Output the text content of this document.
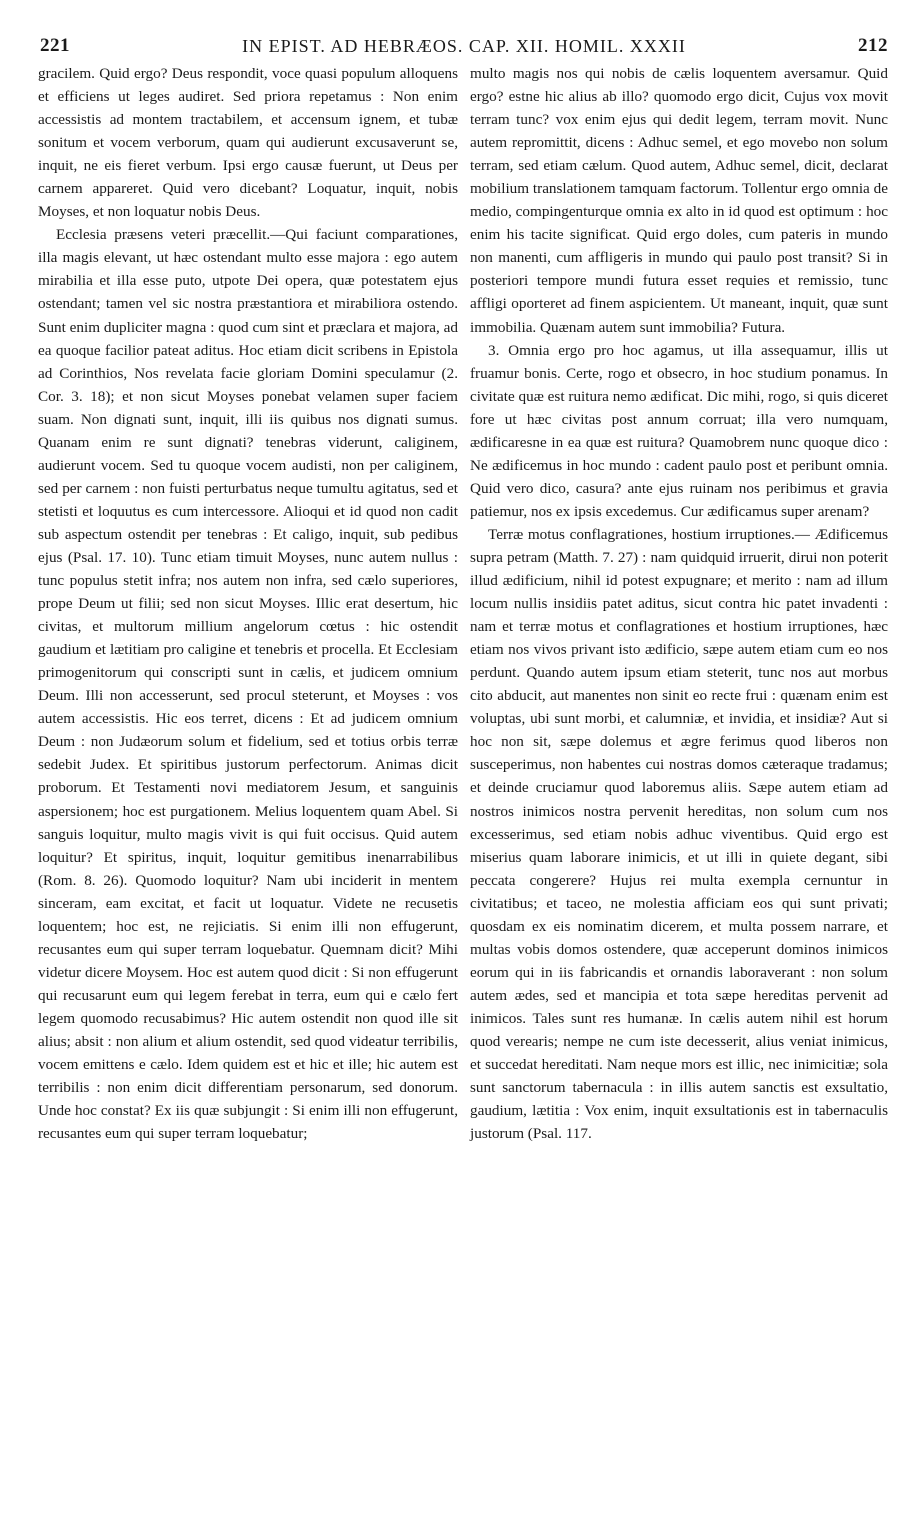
221	IN EPIST. AD HEBRÆOS. CAP. XII. HOMIL. XXXII	212

gracilem. Quid ergo? Deus respondit, voce quasi populum alloquens et efficiens ut leges audiret. Sed priora repetamus : Non enim accessistis ad montem tractabilem, et accensum ignem, et tubæ sonitum et vocem verborum, quam qui audierunt excusaverunt se, inquit, ne eis fieret verbum. Ipsi ergo causæ fuerunt, ut Deus per carnem appareret. Quid vero dicebant? Loquatur, inquit, nobis Moyses, et non loquatur nobis Deus.

Ecclesia præsens veteri præcellit.—Qui faciunt comparationes, illa magis elevant, ut hæc ostendant multo esse majora : ego autem mirabilia et illa esse puto, utpote Dei opera, quæ potestatem ejus ostendant; tamen vel sic nostra præstantiora et mirabiliora ostendo. Sunt enim dupliciter magna : quod cum sint et præclara et majora, ad ea quoque facilior pateat aditus. Hoc etiam dicit scribens in Epistola ad Corinthios, Nos revelata facie gloriam Domini speculamur (2. Cor. 3. 18); et non sicut Moyses ponebat velamen super faciem suam. Non dignati sunt, inquit, illi iis quibus nos dignati sumus. Quanam enim re sunt dignati? tenebras viderunt, caliginem, audierunt vocem. Sed tu quoque vocem audisti, non per caliginem, sed per carnem : non fuisti perturbatus neque tumultu agitatus, sed et stetisti et loquutus es cum intercessore. Alioqui et id quod non cadit sub aspectum ostendit per tenebras : Et caligo, inquit, sub pedibus ejus (Psal. 17. 10). Tunc etiam timuit Moyses, nunc autem nullus : tunc populus stetit infra; nos autem non infra, sed cælo superiores, prope Deum ut filii; sed non sicut Moyses. Illic erat desertum, hic civitas, et multorum millium angelorum cœtus : hic ostendit gaudium et lætitiam pro caligine et tenebris et procella. Et Ecclesiam primogenitorum qui conscripti sunt in cælis, et judicem omnium Deum. Illi non accesserunt, sed procul steterunt, et Moyses : vos autem accessistis. Hic eos terret, dicens : Et ad judicem omnium Deum : non Judæorum solum et fidelium, sed et totius orbis terræ sedebit Judex. Et spiritibus justorum perfectorum. Animas dicit proborum. Et Testamenti novi mediatorem Jesum, et sanguinis aspersionem; hoc est purgationem. Melius loquentem quam Abel. Si sanguis loquitur, multo magis vivit is qui fuit occisus. Quid autem loquitur? Et spiritus, inquit, loquitur gemitibus inenarrabilibus (Rom. 8. 26). Quomodo loquitur? Nam ubi inciderit in mentem sinceram, eam excitat, et facit ut loquatur. Videte ne recusetis loquentem; hoc est, ne rejiciatis. Si enim illi non effugerunt, recusantes eum qui super terram loquebatur. Quemnam dicit? Mihi videtur dicere Moysem. Hoc est autem quod dicit : Si non effugerunt qui recusarunt eum qui legem ferebat in terra, eum qui e cælo fert legem quomodo recusabimus? Hic autem ostendit non quod ille sit alius; absit : non alium et alium ostendit, sed quod videatur terribilis, vocem emittens e cælo. Idem quidem est et hic et ille; hic autem est terribilis : non enim dicit differentiam personarum, sed donorum. Unde hoc constat? Ex iis quæ subjungit : Si enim illi non effugerunt, recusantes eum qui super terram loquebatur;

multo magis nos qui nobis de cælis loquentem aversamur. Quid ergo? estne hic alius ab illo? quomodo ergo dicit, Cujus vox movit terram tunc? vox enim ejus qui dedit legem, terram movit. Nunc autem repromittit, dicens : Adhuc semel, et ego movebo non solum terram, sed etiam cælum. Quod autem, Adhuc semel, dicit, declarat mobilium translationem tamquam factorum. Tollentur ergo omnia de medio, compingenturque omnia ex alto in id quod est optimum : hoc enim his tacite significat. Quid ergo doles, cum pateris in mundo non manenti, cum affligeris in mundo qui paulo post transit? Si in posteriori tempore mundi futura esset requies et remissio, tunc affligi oporteret ad finem aspicientem. Ut maneant, inquit, quæ sunt immobilia. Quænam autem sunt immobilia? Futura.

3. Omnia ergo pro hoc agamus, ut illa assequamur, illis ut fruamur bonis. Certe, rogo et obsecro, in hoc studium ponamus. In civitate quæ est ruitura nemo ædificat. Dic mihi, rogo, si quis diceret fore ut hæc civitas post annum corruat; illa vero numquam, ædificaresne in ea quæ est ruitura? Quamobrem nunc quoque dico : Ne ædificemus in hoc mundo : cadent paulo post et peribunt omnia. Quid vero dico, casura? ante ejus ruinam nos peribimus et gravia patiemur, nos ex ipsis excedemus. Cur ædificamus super arenam?

Terræ motus conflagrationes, hostium irruptiones.— Ædificemus supra petram (Matth. 7. 27) : nam quidquid irruerit, dirui non poterit illud ædificium, nihil id potest expugnare; et merito : nam ad illum locum nullis insidiis patet aditus, sicut contra hic patet invadenti : nam et terræ motus et conflagrationes et hostium irruptiones, hæc etiam nos vivos privant isto ædificio, sæpe autem etiam cum eo nos perdunt. Quando autem ipsum etiam steterit, tunc nos aut morbus cito abducit, aut manentes non sinit eo recte frui : quænam enim est voluptas, ubi sunt morbi, et calumniæ, et invidia, et insidiæ? Aut si hoc non sit, sæpe dolemus et ægre ferimus quod liberos non susceperimus, non habentes cui nostras domos cæteraque tradamus; et deinde cruciamur quod laboremus aliis. Sæpe autem etiam ad nostros inimicos nostra pervenit hereditas, non solum cum nos excesserimus, sed etiam nobis adhuc viventibus. Quid ergo est miserius quam laborare inimicis, et ut illi in quiete degant, sibi peccata congerere? Hujus rei multa exempla cernuntur in civitatibus; et taceo, ne molestia afficiam eos qui sunt privati; quosdam ex eis nominatim dicerem, et multa possem narrare, et multas vobis domos ostendere, quæ acceperunt dominos inimicos eorum qui in iis fabricandis et ornandis laboraverant : non solum autem ædes, sed et mancipia et tota sæpe hereditas pervenit ad inimicos. Tales sunt res humanæ. In cælis autem nihil est horum quod verearis; nempe ne cum iste decesserit, alius veniat inimicus, et succedat hereditati. Nam neque mors est illic, nec inimicitiæ; sola sunt sanctorum tabernacula : in illis autem sanctis est exsultatio, gaudium, lætitia : Vox enim, inquit exsultationis est in tabernaculis justorum (Psal. 117.
